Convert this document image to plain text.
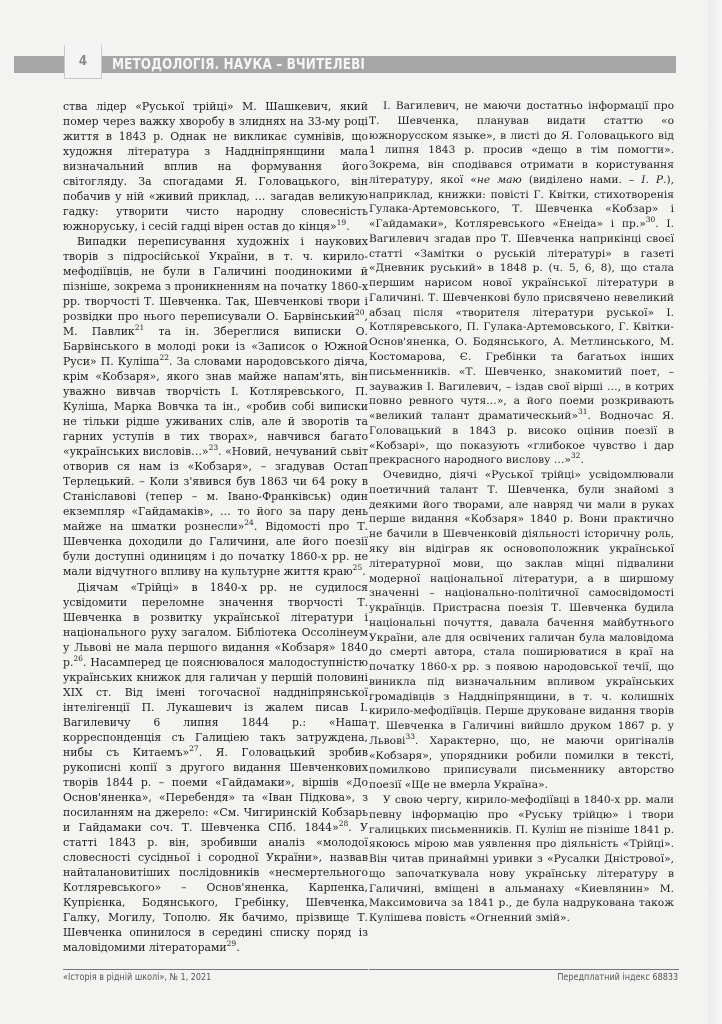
4	МЕТОДОЛОГІЯ. НАУКА – ВЧИТЕЛЕВІ

ства лідер «Руської трійці» М. Шашкевич, який помер через важку хворобу в злиднях на 33-му році життя в 1843 р. Однак не викликає сумнівів, що художня література з Наддніпрянщини мала визначальний вплив на формування його світогляду. За спогадами Я. Головацького, він побачив у ній «живий приклад, … загадав великую гадку: утворити чисто народну словесність южноруську, і сесій гадці вірен остав до кінця»$^{19}$.

Випадки переписування художніх і наукових творів з підросійської України, в т. ч. кирило-мефодіївців, не були в Галичині поодинокими й пізніше, зокрема з проникненням на початку 1860-х рр. творчості Т. Шевченка. Так, Шевченкові твори і розвідки про нього переписували О. Барвінський$^{20}$, М. Павлик$^{21}$ та ін. Збереглися виписки О. Барвінського в молоді роки із «Записок о Южной Руси» П. Куліша$^{22}$. За словами народовського діяча, крім «Кобзаря», якого знав майже напам'ять, він уважно вивчав творчість І. Котляревського, П. Куліша, Марка Вовчка та ін., «робив собі виписки не тільки рідше уживаних слів, але й зворотів та гарних уступів в тих творах», навчився багато «українських висловів…»$^{23}$. «Новий, нечуваний сьвіт отворив ся нам із «Кобзаря», – згадував Остап Терлецький. – Коли з'явився був 1863 чи 64 року в Станіславові (тепер – м. Івано-Франківськ) один екземпляр «Гайдамаків», … то його за пару день майже на шматки рознесли»$^{24}$. Відомості про Т. Шевченка доходили до Галичини, але його поезії були доступні одиницям і до початку 1860-х рр. не мали відчутного впливу на культурне життя краю$^{25}$.

Діячам «Трійці» в 1840-х рр. не судилося усвідомити переломне значення творчості Т. Шевченка в розвитку української літератури і національного руху загалом. Бібліотека Оссолінеум у Львові не мала першого видання «Кобзаря» 1840 р.$^{26}$. Насамперед це пояснювалося малодоступністю українських книжок для галичан у першій половині XIX ст. Від імені тогочасної наддніпрянської інтелігенції П. Лукашевич із жалем писав І. Вагилевичу 6 липня 1844 р.: «Наша корреспонденція съ Галиціею такъ затруждена, нибы съ Китаемъ»$^{27}$. Я. Головацький зробив рукописні копії з другого видання Шевченкових творів 1844 р. – поеми «Гайдамаки», віршів «До Основ'яненка», «Перебендя» та «Іван Підкова», з посиланням на джерело: «См. Чигиринскій Кобзарь и Гайдамаки соч. Т. Шевченка СПб. 1844»$^{28}$. У статті 1843 р. він, зробивши аналіз «молодої словесності сусідньої і сородної України», назвав найталановитіших послідовників «несмертельного Котляревського» – Основ'яненка, Карпенка, Купрієнка, Бодянського, Гребінку, Шевченка, Галку, Могилу, Тополю. Як бачимо, прізвище Т. Шевченка опинилося в середині списку поряд із маловідомими літераторами$^{29}$.

І. Вагилевич, не маючи достатньо інформації про Т. Шевченка, планував видати статтю «о южнорусском языке», в листі до Я. Головацького від 1 липня 1843 р. просив «дещо в тім помогти». Зокрема, він сподівався отримати в користування літературу, якої «не маю (виділено нами. – І. Р.), наприклад, книжки: повісті Г. Квітки, стихотворенія Гулака-Артемовського, Т. Шевченка «Кобзар» і «Гайдамаки», Котляревського «Енеіда» і пр.»$^{30}$. І. Вагилевич згадав про Т. Шевченка наприкінці своєї статті «Замітки о руській літературі» в газеті «Дневник руський» в 1848 р. (ч. 5, 6, 8), що стала першим нарисом нової української літератури в Галичині. Т. Шевченкові було присвячено невеликий абзац після «творителя літератури руської» І. Котляревського, П. Гулака-Артемовського, Г. Квітки-Основ'яненка, О. Бодянського, А. Метлинського, М. Костомарова, Є. Гребінки та багатьох інших письменників. «Т. Шевченко, знакомитий поет, – зауважив І. Вагилевич, – іздав свої вірші …, в котрих повно ревного чутя…», а його поеми розкривають «великий талант драматическьий»$^{31}$. Водночас Я. Головацький в 1843 р. високо оцінив поезії в «Кобзарі», що показують «глибокое чувство і дар прекрасного народного вислову …»$^{32}$.

Очевидно, діячі «Руської трійці» усвідомлювали поетичний талант Т. Шевченка, були знайомі з деякими його творами, але навряд чи мали в руках перше видання «Кобзаря» 1840 р. Вони практично не бачили в Шевченковій діяльності історичну роль, яку він відіграв як основоположник української літературної мови, що заклав міцні підвалини модерної національної літератури, а в ширшому значенні – національно-політичної самосвідомості українців. Пристрасна поезія Т. Шевченка будила національні почуття, давала бачення майбутнього України, але для освічених галичан була маловідома до смерті автора, стала поширюватися в краї на початку 1860-х рр. з появою народовської течії, що виникла під визначальним впливом українських громадівців з Наддніпрянщини, в т. ч. колишніх кирило-мефодіївців. Перше друковане видання творів Т. Шевченка в Галичині вийшло друком 1867 р. у Львові$^{33}$. Характерно, що, не маючи оригіналів «Кобзаря», упорядники робили помилки в тексті, помилково приписували письменнику авторство поезії «Ще не вмерла Україна».

У свою чергу, кирило-мефодіївці в 1840-х рр. мали певну інформацію про «Руську трійцю» і твори галицьких письменників. П. Куліш не пізніше 1841 р. якоюсь мірою мав уявлення про діяльність «Трійці». Він читав принаймні уривки з «Русалки Дністрової», що започаткувала нову українську літературу в Галичині, вміщені в альманаху «Киевлянин» М. Максимовича за 1841 р., де була надрукована також Кулішева повість «Огненний змій».

«Історія в рідній школі», № 1, 2021	Передплатний індекс 68833
